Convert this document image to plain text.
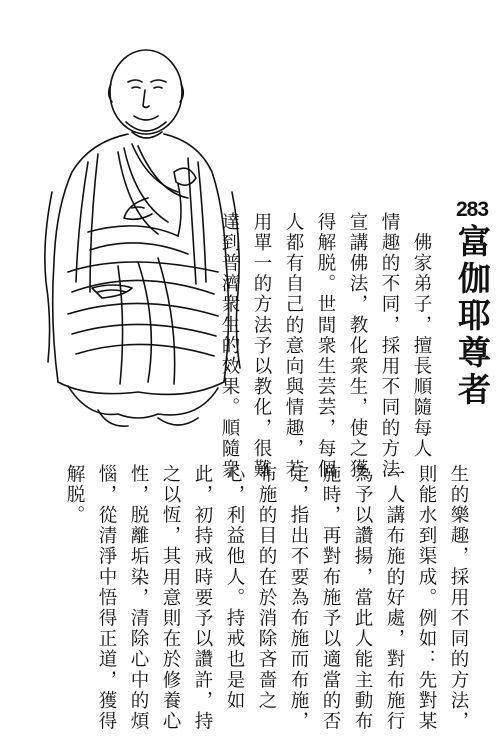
283
富伽耶尊者
　佛家弟子，擅長順隨每人
情趣的不同，採用不同的方法
宣講佛法，教化衆生，使之獲
得解脱。世間衆生芸芸，每個
人都有自己的意向與情趣，若
用單一的方法予以教化，很難
達到普濟衆生的效果。順隨衆
生的樂趣，採用不同的方法，
則能水到渠成。例如：先對某
一人講布施的好處，對布施行
為予以讚揚，當此人能主動布
施時，再對布施予以適當的否
定，指出不要為布施而布施，
布施的目的在於消除吝嗇之
心，利益他人。持戒也是如
此，初持戒時要予以讚許，持
之以恆，其用意則在於修養心
性，脱離垢染，清除心中的煩
惱，從清淨中悟得正道，獲得
解脱。
